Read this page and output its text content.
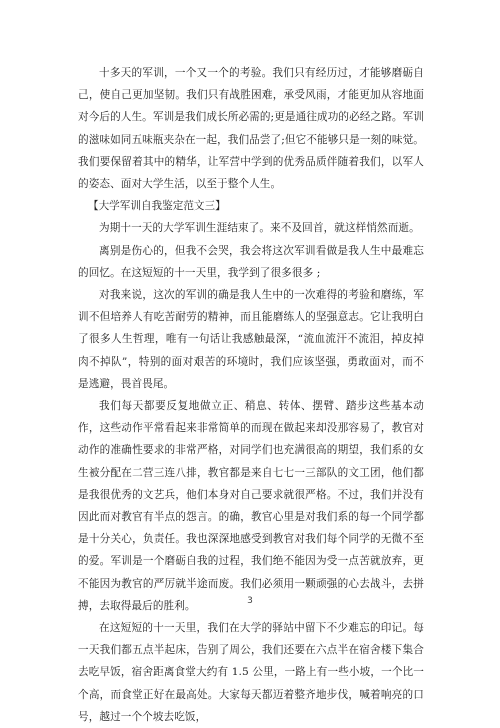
十多天的军训，一个又一个的考验。我们只有经历过，才能够磨砺自己，使自己更加坚韧。我们只有战胜困难，承受风雨，才能更加从容地面对今后的人生。军训是我们成长所必需的;更是通往成功的必经之路。军训的滋味如同五味瓶夹杂在一起，我们品尝了;但它不能够只是一刻的味觉。我们要保留着其中的精华，让军营中学到的优秀品质伴随着我们，以军人的姿态、面对大学生活，以至于整个人生。

【大学军训自我鉴定范文三】

为期十一天的大学军训生涯结束了。来不及回首，就这样悄然而逝。

离别是伤心的，但我不会哭，我会将这次军训看做是我人生中最难忘的回忆。在这短短的十一天里，我学到了很多很多 ;

对我来说，这次的军训的确是我人生中的一次难得的考验和磨练，军训不但培养人有吃苦耐劳的精神，而且能磨练人的坚强意志。它让我明白了很多人生哲理，唯有一句话让我感触最深，“流血流汗不流泪，掉皮掉肉不掉队”，特别的面对艰苦的环境时，我们应该坚强，勇敢面对，而不是逃避，畏首畏尾。

我们每天都要反复地做立正、稍息、转体、摆臂、踏步这些基本动作，这些动作平常看起来非常简单的而现在做起来却没那容易了，教官对动作的准确性要求的非常严格，对同学们也充满很高的期望，我们系的女生被分配在二营三连八排，教官都是来自七七一三部队的文工团，他们都是我很优秀的文艺兵，他们本身对自己要求就很严格。不过，我们并没有因此而对教官有半点的怨言。的确，教官心里是对我们系的每一个同学都是十分关心，负责任。我也深深地感受到教官对我们每个同学的无微不至的爱。军训是一个磨砺自我的过程，我们绝不能因为受一点苦就放弃，更不能因为教官的严厉就半途而废。我们必须用一颗顽强的心去战斗，去拼搏，去取得最后的胜利。

在这短短的十一天里，我们在大学的驿站中留下不少难忘的印记。每一天我们都五点半起床，告别了周公，我们还要在六点半在宿舍楼下集合去吃早饭，宿舍距离食堂大约有 1.5 公里，一路上有一些小坡，一个比一个高，而食堂正好在最高处。大家每天都迈着整齐地步伐，喊着响亮的口号，越过一个个坡去吃饭，

3
